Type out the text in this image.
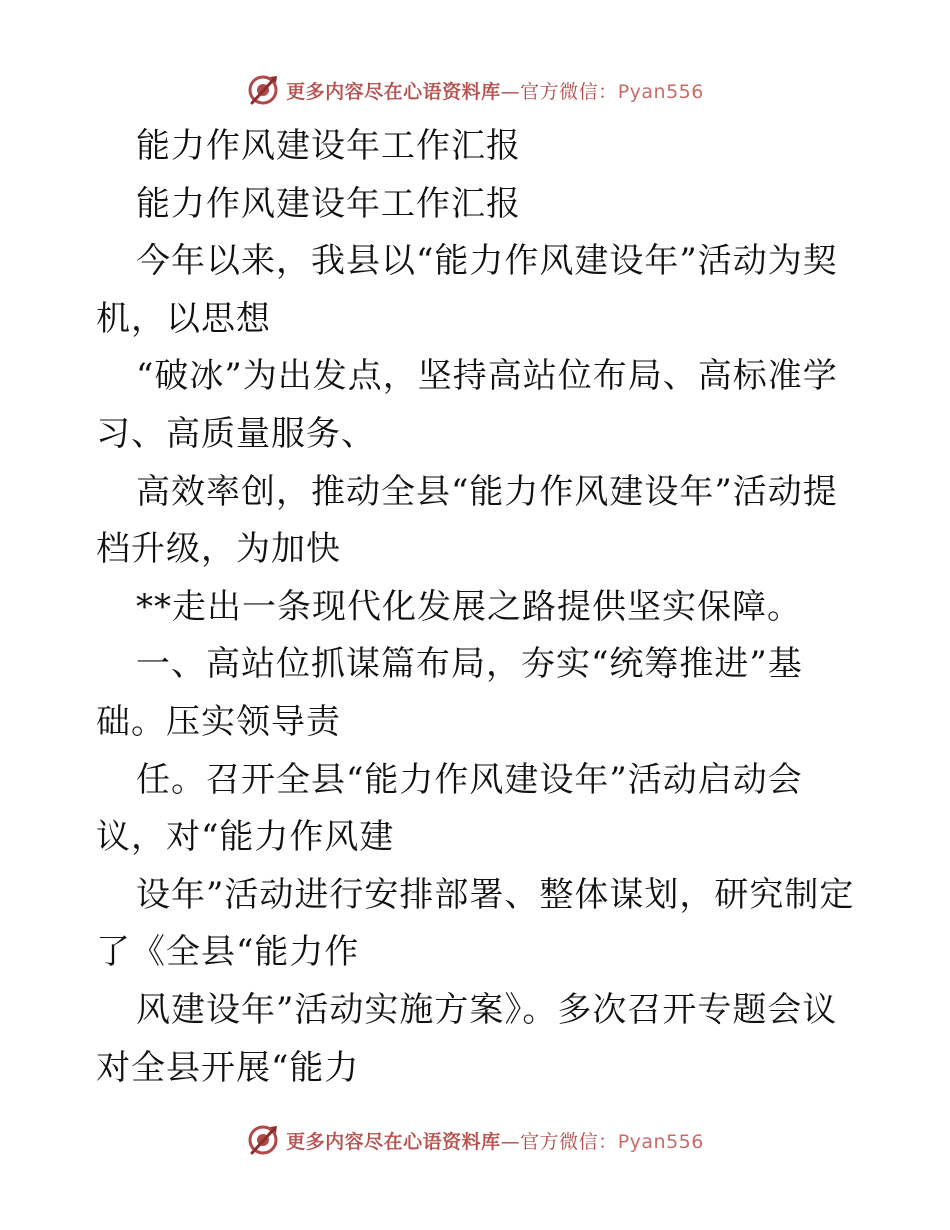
更多内容尽在心语资料库—官方微信：Pyan556
能力作风建设年工作汇报
能力作风建设年工作汇报
今年以来，我县以“能力作风建设年”活动为契
机，以思想
“破冰”为出发点，坚持高站位布局、高标准学
习、高质量服务、
高效率创，推动全县“能力作风建设年”活动提
档升级，为加快
**走出一条现代化发展之路提供坚实保障。
一、高站位抓谋篇布局，夯实“统筹推进”基
础。压实领导责
任。召开全县“能力作风建设年”活动启动会
议，对“能力作风建
设年”活动进行安排部署、整体谋划，研究制定
了《全县“能力作
风建设年”活动实施方案》。多次召开专题会议
对全县开展“能力
更多内容尽在心语资料库—官方微信：Pyan556
